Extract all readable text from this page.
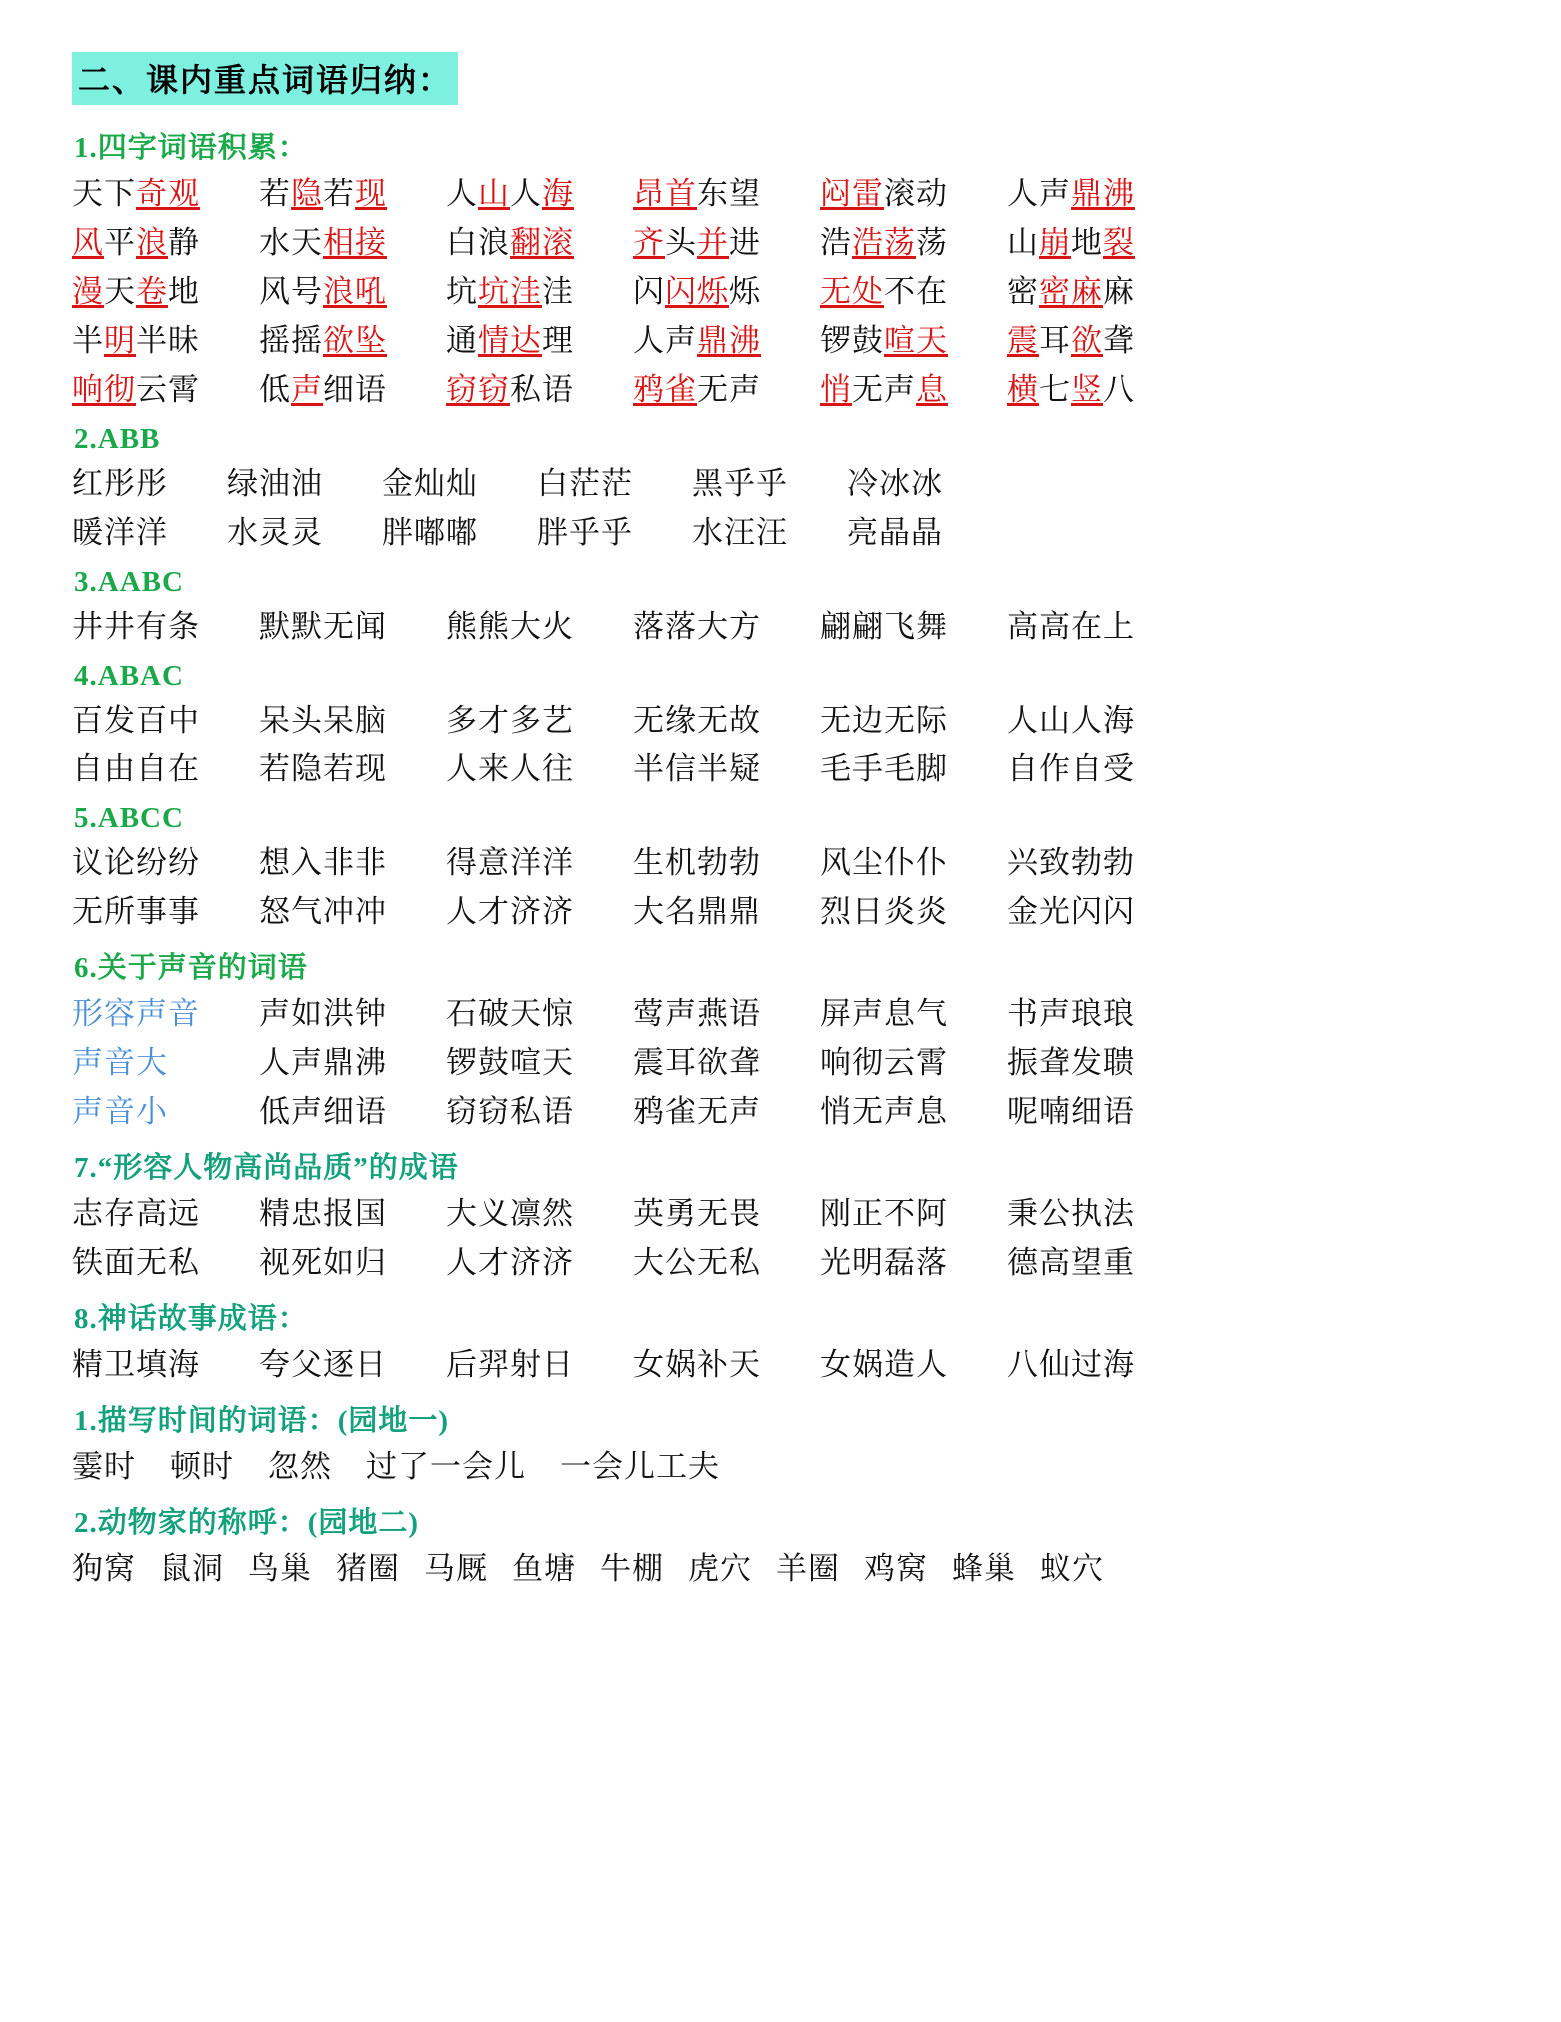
二、课内重点词语归纳：
1.四字词语积累：
天下奇观	若隐若现	人山人海	昂首东望	闷雷滚动	人声鼎沸
风平浪静	水天相接	白浪翻滚	齐头并进	浩浩荡荡	山崩地裂
漫天卷地	风号浪吼	坑坑洼洼	闪闪烁烁	无处不在	密密麻麻
半明半昧	摇摇欲坠	通情达理	人声鼎沸	锣鼓喧天	震耳欲聋
响彻云霄	低声细语	窃窃私语	鸦雀无声	悄无声息	横七竖八
2.ABB
红彤彤	绿油油	金灿灿	白茫茫	黑乎乎	冷冰冰
暖洋洋	水灵灵	胖嘟嘟	胖乎乎	水汪汪	亮晶晶
3.AABC
井井有条	默默无闻	熊熊大火	落落大方	翩翩飞舞	高高在上
4.ABAC
百发百中	呆头呆脑	多才多艺	无缘无故	无边无际	人山人海
自由自在	若隐若现	人来人往	半信半疑	毛手毛脚	自作自受
5.ABCC
议论纷纷	想入非非	得意洋洋	生机勃勃	风尘仆仆	兴致勃勃
无所事事	怒气冲冲	人才济济	大名鼎鼎	烈日炎炎	金光闪闪
6.关于声音的词语
形容声音	声如洪钟	石破天惊	莺声燕语	屏声息气	书声琅琅
声音大	人声鼎沸	锣鼓喧天	震耳欲聋	响彻云霄	振聋发聩
声音小	低声细语	窃窃私语	鸦雀无声	悄无声息	呢喃细语
7.“形容人物高尚品质”的成语
志存高远	精忠报国	大义凛然	英勇无畏	刚正不阿	秉公执法
铁面无私	视死如归	人才济济	大公无私	光明磊落	德高望重
8.神话故事成语：
精卫填海	夸父逐日	后羿射日	女娲补天	女娲造人	八仙过海
1.描写时间的词语：(园地一)
霎时 顿时 忽然 过了一会儿 一会儿工夫
2.动物家的称呼：(园地二)
狗窝 鼠洞 鸟巢 猪圈 马厩 鱼塘 牛棚 虎穴 羊圈 鸡窝 蜂巢 蚁穴
